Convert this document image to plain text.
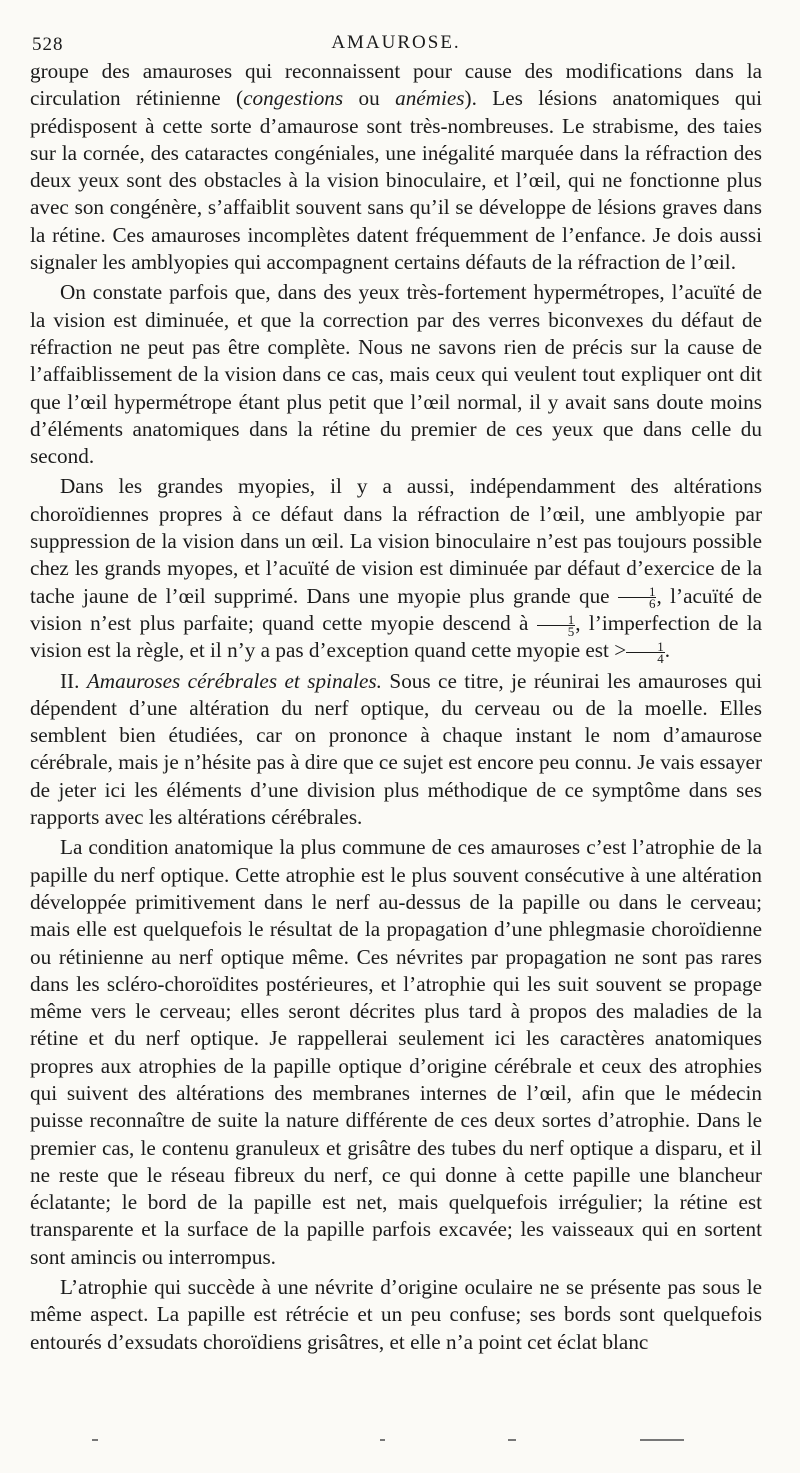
528	AMAUROSE.

groupe des amauroses qui reconnaissent pour cause des modifications dans la circulation rétinienne (congestions ou anémies). Les lésions anatomiques qui prédisposent à cette sorte d’amaurose sont très-nombreuses. Le strabisme, des taies sur la cornée, des cataractes congéniales, une inégalité marquée dans la réfraction des deux yeux sont des obstacles à la vision binoculaire, et l’œil, qui ne fonctionne plus avec son congénère, s’affaiblit souvent sans qu’il se développe de lésions graves dans la rétine. Ces amauroses incomplètes datent fréquemment de l’enfance. Je dois aussi signaler les amblyopies qui accompagnent certains défauts de la réfraction de l’œil.

On constate parfois que, dans des yeux très-fortement hypermétropes, l’acuïté de la vision est diminuée, et que la correction par des verres biconvexes du défaut de réfraction ne peut pas être complète. Nous ne savons rien de précis sur la cause de l’affaiblissement de la vision dans ce cas, mais ceux qui veulent tout expliquer ont dit que l’œil hypermétrope étant plus petit que l’œil normal, il y avait sans doute moins d’éléments anatomiques dans la rétine du premier de ces yeux que dans celle du second.

Dans les grandes myopies, il y a aussi, indépendamment des altérations choroïdiennes propres à ce défaut dans la réfraction de l’œil, une amblyopie par suppression de la vision dans un œil. La vision binoculaire n’est pas toujours possible chez les grands myopes, et l’acuïté de vision est diminuée par défaut d’exercice de la tache jaune de l’œil supprimé. Dans une myopie plus grande que $\frac{1}{6}$ , l’acuïté de vision n’est plus parfaite; quand cette myopie descend à $\frac{1}{5}$ , l’imperfection de la vision est la règle, et il n’y a pas d’exception quand cette myopie est > $\frac{1}{4}$ .

II. Amauroses cérébrales et spinales. Sous ce titre, je réunirai les amauroses qui dépendent d’une altération du nerf optique, du cerveau ou de la moelle. Elles semblent bien étudiées, car on prononce à chaque instant le nom d’amaurose cérébrale, mais je n’hésite pas à dire que ce sujet est encore peu connu. Je vais essayer de jeter ici les éléments d’une division plus méthodique de ce symptôme dans ses rapports avec les altérations cérébrales.

La condition anatomique la plus commune de ces amauroses c’est l’atrophie de la papille du nerf optique. Cette atrophie est le plus souvent consécutive à une altération développée primitivement dans le nerf au-dessus de la papille ou dans le cerveau; mais elle est quelquefois le résultat de la propagation d’une phlegmasie choroïdienne ou rétinienne au nerf optique même. Ces névrites par propagation ne sont pas rares dans les scléro-choroïdites postérieures, et l’atrophie qui les suit souvent se propage même vers le cerveau; elles seront décrites plus tard à propos des maladies de la rétine et du nerf optique. Je rappellerai seulement ici les caractères anatomiques propres aux atrophies de la papille optique d’origine cérébrale et ceux des atrophies qui suivent des altérations des membranes internes de l’œil, afin que le médecin puisse reconnaître de suite la nature différente de ces deux sortes d’atrophie. Dans le premier cas, le contenu granuleux et grisâtre des tubes du nerf optique a disparu, et il ne reste que le réseau fibreux du nerf, ce qui donne à cette papille une blancheur éclatante; le bord de la papille est net, mais quelquefois irrégulier; la rétine est transparente et la surface de la papille parfois excavée; les vaisseaux qui en sortent sont amincis ou interrompus.

L’atrophie qui succède à une névrite d’origine oculaire ne se présente pas sous le même aspect. La papille est rétrécie et un peu confuse; ses bords sont quelquefois entourés d’exsudats choroïdiens grisâtres, et elle n’a point cet éclat blanc
